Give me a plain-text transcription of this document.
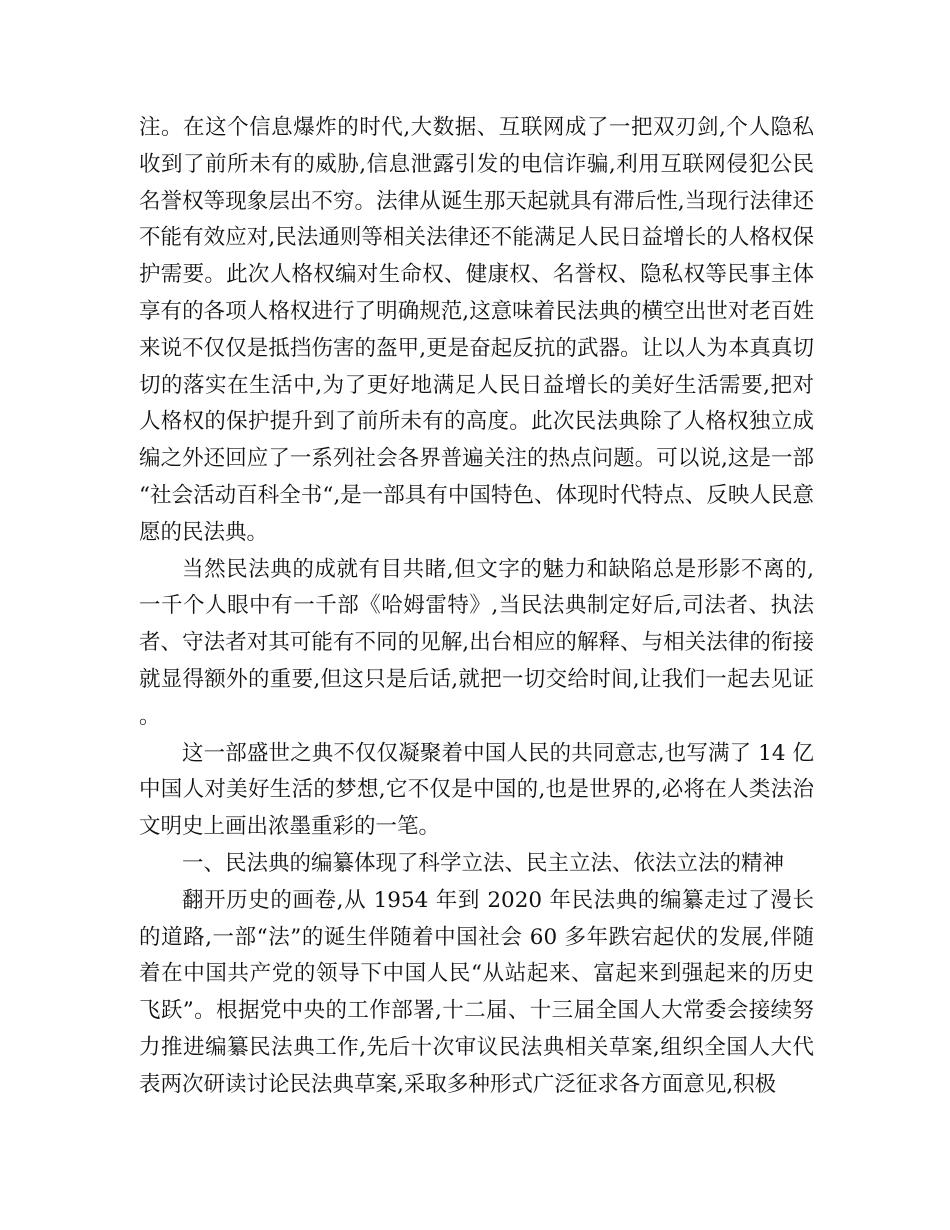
注。在这个信息爆炸的时代,大数据、互联网成了一把双刃剑,个人隐私收到了前所未有的威胁,信息泄露引发的电信诈骗,利用互联网侵犯公民名誉权等现象层出不穷。法律从诞生那天起就具有滞后性,当现行法律还不能有效应对,民法通则等相关法律还不能满足人民日益增长的人格权保护需要。此次人格权编对生命权、健康权、名誉权、隐私权等民事主体享有的各项人格权进行了明确规范,这意味着民法典的横空出世对老百姓来说不仅仅是抵挡伤害的盔甲,更是奋起反抗的武器。让以人为本真真切切的落实在生活中,为了更好地满足人民日益增长的美好生活需要,把对人格权的保护提升到了前所未有的高度。此次民法典除了人格权独立成编之外还回应了一系列社会各界普遍关注的热点问题。可以说,这是一部“社会活动百科全书“,是一部具有中国特色、体现时代特点、反映人民意愿的民法典。

当然民法典的成就有目共睹,但文字的魅力和缺陷总是形影不离的,一千个人眼中有一千部《哈姆雷特》,当民法典制定好后,司法者、执法者、守法者对其可能有不同的见解,出台相应的解释、与相关法律的衔接就显得额外的重要,但这只是后话,就把一切交给时间,让我们一起去见证。

这一部盛世之典不仅仅凝聚着中国人民的共同意志,也写满了 14 亿中国人对美好生活的梦想,它不仅是中国的,也是世界的,必将在人类法治文明史上画出浓墨重彩的一笔。

一、民法典的编纂体现了科学立法、民主立法、依法立法的精神

翻开历史的画卷,从 1954 年到 2020 年民法典的编纂走过了漫长的道路,一部“法”的诞生伴随着中国社会 60 多年跌宕起伏的发展,伴随着在中国共产党的领导下中国人民“从站起来、富起来到强起来的历史飞跃”。根据党中央的工作部署,十二届、十三届全国人大常委会接续努力推进编纂民法典工作,先后十次审议民法典相关草案,组织全国人大代表两次研读讨论民法典草案,采取多种形式广泛征求各方面意见,积极
